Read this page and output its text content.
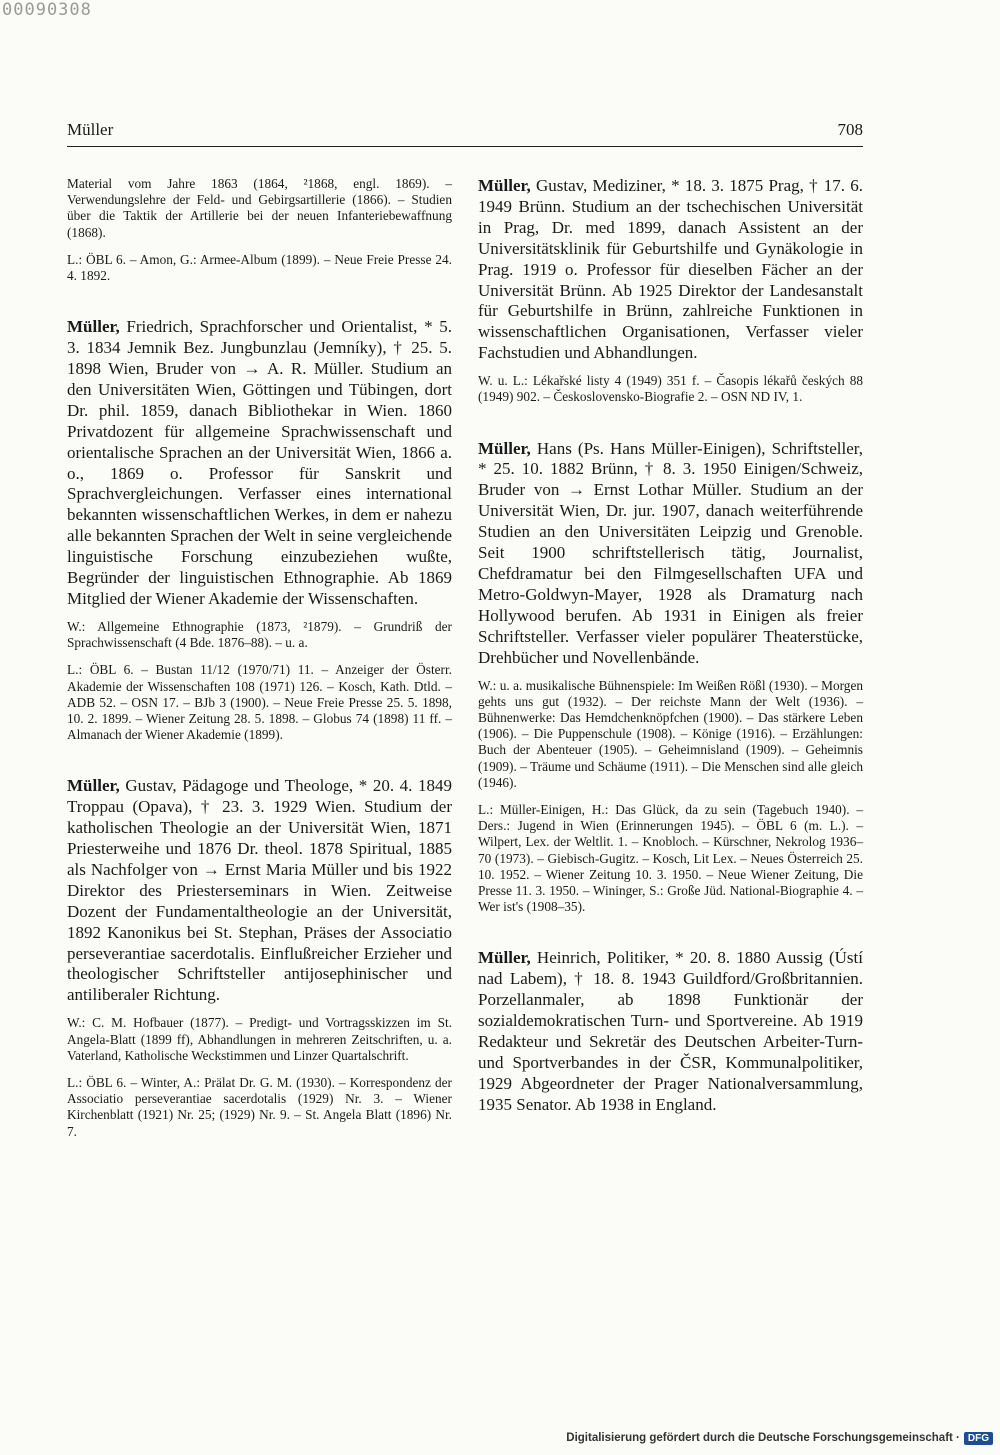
00090308
Müller	708

Material vom Jahre 1863 (1864, ²1868, engl. 1869). – Verwendungslehre der Feld- und Gebirgsartillerie (1866). – Studien über die Taktik der Artillerie bei der neuen Infanteriebewaffnung (1868).

L.: ÖBL 6. – Amon, G.: Armee-Album (1899). – Neue Freie Presse 24. 4. 1892.

Müller, Friedrich, Sprachforscher und Orientalist, * 5. 3. 1834 Jemnik Bez. Jungbunzlau (Jemníky), † 25. 5. 1898 Wien, Bruder von → A. R. Müller. Studium an den Universitäten Wien, Göttingen und Tübingen, dort Dr. phil. 1859, danach Bibliothekar in Wien. 1860 Privatdozent für allgemeine Sprachwissenschaft und orientalische Sprachen an der Universität Wien, 1866 a. o., 1869 o. Professor für Sanskrit und Sprachvergleichungen. Verfasser eines international bekannten wissenschaftlichen Werkes, in dem er nahezu alle bekannten Sprachen der Welt in seine vergleichende linguistische Forschung einzubeziehen wußte, Begründer der linguistischen Ethnographie. Ab 1869 Mitglied der Wiener Akademie der Wissenschaften.

W.: Allgemeine Ethnographie (1873, ²1879). – Grundriß der Sprachwissenschaft (4 Bde. 1876–88). – u. a.

L.: ÖBL 6. – Bustan 11/12 (1970/71) 11. – Anzeiger der Österr. Akademie der Wissenschaften 108 (1971) 126. – Kosch, Kath. Dtld. – ADB 52. – OSN 17. – BJb 3 (1900). – Neue Freie Presse 25. 5. 1898, 10. 2. 1899. – Wiener Zeitung 28. 5. 1898. – Globus 74 (1898) 11 ff. – Almanach der Wiener Akademie (1899).

Müller, Gustav, Pädagoge und Theologe, * 20. 4. 1849 Troppau (Opava), † 23. 3. 1929 Wien. Studium der katholischen Theologie an der Universität Wien, 1871 Priesterweihe und 1876 Dr. theol. 1878 Spiritual, 1885 als Nachfolger von → Ernst Maria Müller und bis 1922 Direktor des Priesterseminars in Wien. Zeitweise Dozent der Fundamentaltheologie an der Universität, 1892 Kanonikus bei St. Stephan, Präses der Associatio perseverantiae sacerdotalis. Einflußreicher Erzieher und theologischer Schriftsteller antijosephinischer und antiliberaler Richtung.

W.: C. M. Hofbauer (1877). – Predigt- und Vortragsskizzen im St. Angela-Blatt (1899 ff), Abhandlungen in mehreren Zeitschriften, u. a. Vaterland, Katholische Weckstimmen und Linzer Quartalschrift.

L.: ÖBL 6. – Winter, A.: Prälat Dr. G. M. (1930). – Korrespondenz der Associatio perseverantiae sacerdotalis (1929) Nr. 3. – Wiener Kirchenblatt (1921) Nr. 25; (1929) Nr. 9. – St. Angela Blatt (1896) Nr. 7.

Müller, Gustav, Mediziner, * 18. 3. 1875 Prag, † 17. 6. 1949 Brünn. Studium an der tschechischen Universität in Prag, Dr. med 1899, danach Assistent an der Universitätsklinik für Geburtshilfe und Gynäkologie in Prag. 1919 o. Professor für dieselben Fächer an der Universität Brünn. Ab 1925 Direktor der Landesanstalt für Geburtshilfe in Brünn, zahlreiche Funktionen in wissenschaftlichen Organisationen, Verfasser vieler Fachstudien und Abhandlungen.

W. u. L.: Lékařské listy 4 (1949) 351 f. – Časopis lékařů českých 88 (1949) 902. – Československo-Biografie 2. – OSN ND IV, 1.

Müller, Hans (Ps. Hans Müller-Einigen), Schriftsteller, * 25. 10. 1882 Brünn, † 8. 3. 1950 Einigen/Schweiz, Bruder von → Ernst Lothar Müller. Studium an der Universität Wien, Dr. jur. 1907, danach weiterführende Studien an den Universitäten Leipzig und Grenoble. Seit 1900 schriftstellerisch tätig, Journalist, Chefdramatur bei den Filmgesellschaften UFA und Metro-Goldwyn-Mayer, 1928 als Dramaturg nach Hollywood berufen. Ab 1931 in Einigen als freier Schriftsteller. Verfasser vieler populärer Theaterstücke, Drehbücher und Novellenbände.

W.: u. a. musikalische Bühnenspiele: Im Weißen Rößl (1930). – Morgen gehts uns gut (1932). – Der reichste Mann der Welt (1936). – Bühnenwerke: Das Hemdchenknöpfchen (1900). – Das stärkere Leben (1906). – Die Puppenschule (1908). – Könige (1916). – Erzählungen: Buch der Abenteuer (1905). – Geheimnisland (1909). – Geheimnis (1909). – Träume und Schäume (1911). – Die Menschen sind alle gleich (1946).

L.: Müller-Einigen, H.: Das Glück, da zu sein (Tagebuch 1940). – Ders.: Jugend in Wien (Erinnerungen 1945). – ÖBL 6 (m. L.). – Wilpert, Lex. der Weltlit. 1. – Knobloch. – Kürschner, Nekrolog 1936–70 (1973). – Giebisch-Gugitz. – Kosch, Lit Lex. – Neues Österreich 25. 10. 1952. – Wiener Zeitung 10. 3. 1950. – Neue Wiener Zeitung, Die Presse 11. 3. 1950. – Wininger, S.: Große Jüd. National-Biographie 4. – Wer ist's (1908–35).

Müller, Heinrich, Politiker, * 20. 8. 1880 Aussig (Ústí nad Labem), † 18. 8. 1943 Guildford/Großbritannien. Porzellanmaler, ab 1898 Funktionär der sozialdemokratischen Turn- und Sportvereine. Ab 1919 Redakteur und Sekretär des Deutschen Arbeiter-Turn- und Sportverbandes in der ČSR, Kommunalpolitiker, 1929 Abgeordneter der Prager Nationalversammlung, 1935 Senator. Ab 1938 in England.

Digitalisierung gefördert durch die Deutsche Forschungsgemeinschaft · DFG
